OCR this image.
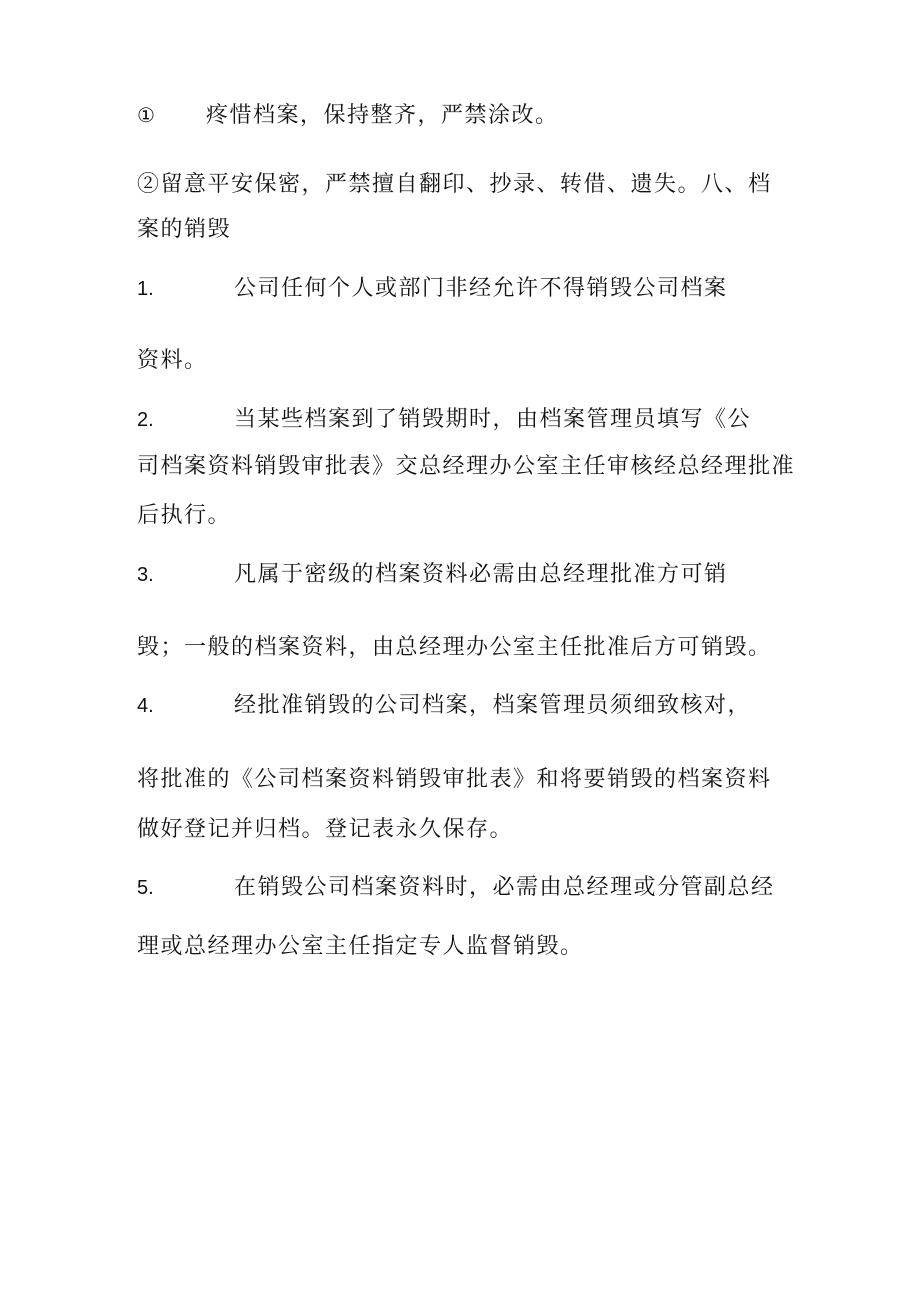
① 疼惜档案，保持整齐，严禁涂改。
②留意平安保密，严禁擅自翻印、抄录、转借、遗失。八、档
案的销毁
1.	公司任何个人或部门非经允许不得销毁公司档案
资料。
2.	当某些档案到了销毁期时，由档案管理员填写《公
司档案资料销毁审批表》交总经理办公室主任审核经总经理批准
后执行。
3.	凡属于密级的档案资料必需由总经理批准方可销
毁；一般的档案资料，由总经理办公室主任批准后方可销毁。
4.	经批准销毁的公司档案，档案管理员须细致核对，
将批准的《公司档案资料销毁审批表》和将要销毁的档案资料
做好登记并归档。登记表永久保存。
5.	在销毁公司档案资料时，必需由总经理或分管副总经
理或总经理办公室主任指定专人监督销毁。
